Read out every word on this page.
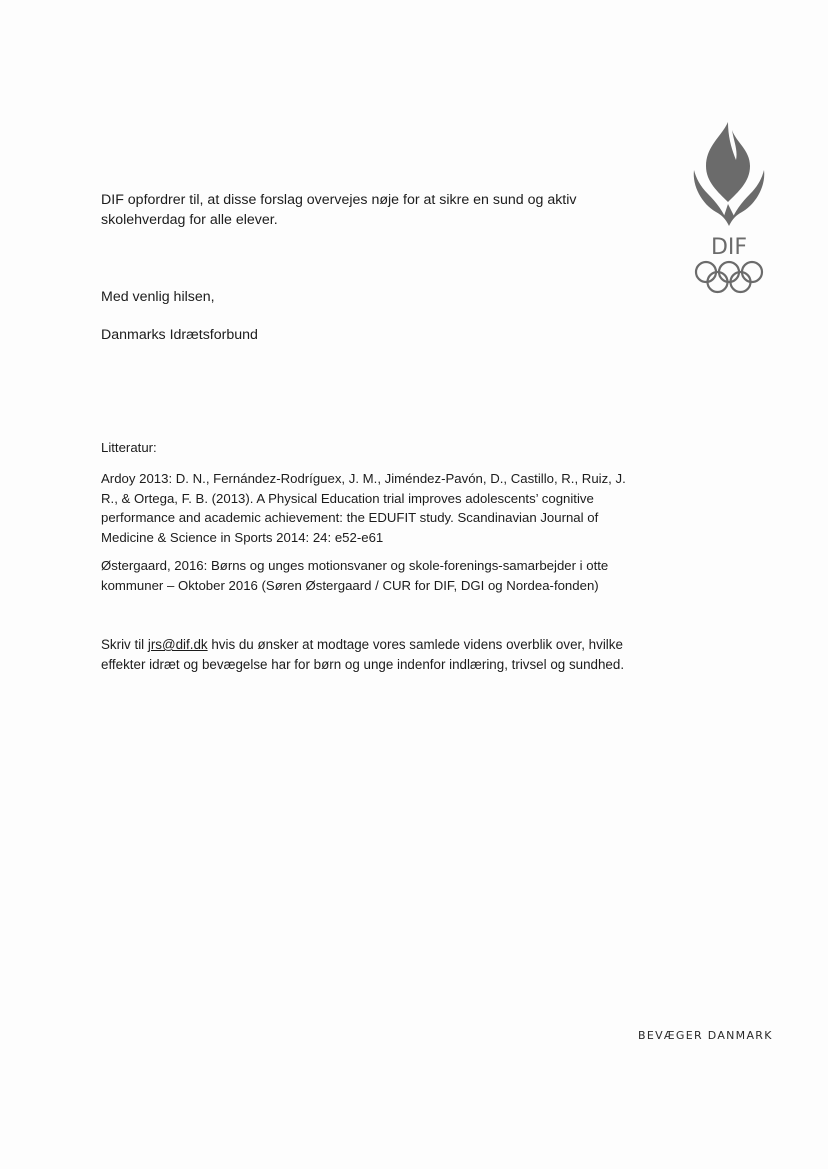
DIF

DIF opfordrer til, at disse forslag overvejes nøje for at sikre en sund og aktiv skolehverdag for alle elever.

Med venlig hilsen,

Danmarks Idrætsforbund

Litteratur:

Ardoy 2013: D. N., Fernández-Rodríguex, J. M., Jiméndez-Pavón, D., Castillo, R., Ruiz, J. R., & Ortega, F. B. (2013). A Physical Education trial improves adolescents’ cognitive performance and academic achievement: the EDUFIT study. Scandinavian Journal of Medicine & Science in Sports 2014: 24: e52-e61

Østergaard, 2016: Børns og unges motionsvaner og skole-forenings-samarbejder i otte kommuner – Oktober 2016 (Søren Østergaard / CUR for DIF, DGI og Nordea-fonden)

Skriv til jrs@dif.dk hvis du ønsker at modtage vores samlede videns overblik over, hvilke effekter idræt og bevægelse har for børn og unge indenfor indlæring, trivsel og sundhed.

BEVÆGER DANMARK
